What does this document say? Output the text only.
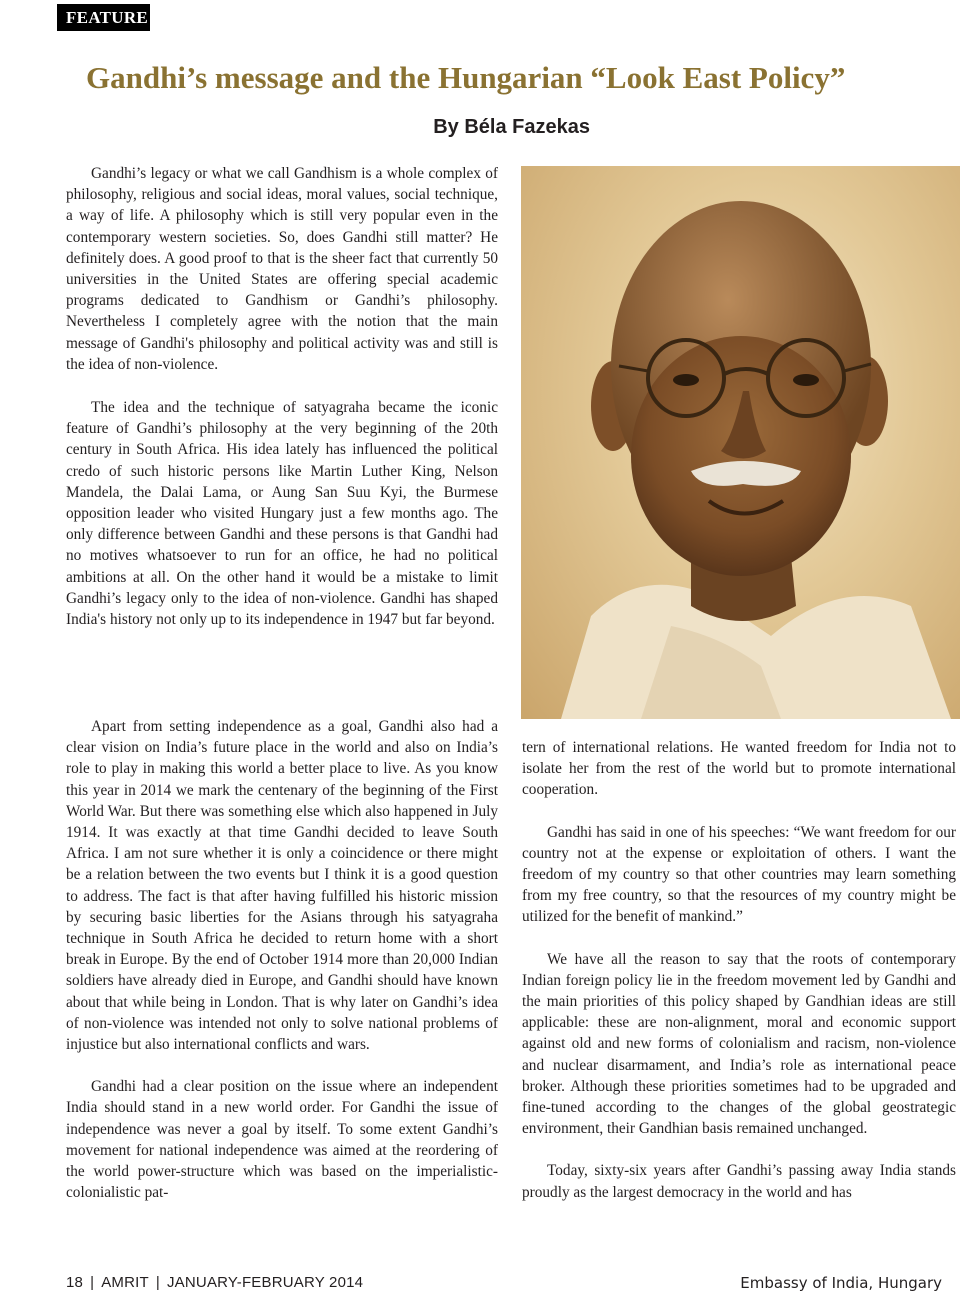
FEATURE
Gandhi’s message and the Hungarian “Look East Policy”
By Béla Fazekas

Gandhi’s legacy or what we call Gandhism is a whole complex of philosophy, religious and social ideas, moral values, social technique, a way of life. A philosophy which is still very popular even in the contemporary western societies. So, does Gandhi still matter? He definitely does. A good proof to that is the sheer fact that currently 50 universities in the United States are offering special academic programs dedicated to Gandhism or Gandhi’s philosophy. Nevertheless I completely agree with the notion that the main message of Gandhi's philosophy and political activity was and still is the idea of non-violence.

The idea and the technique of satyagraha became the iconic feature of Gandhi’s philosophy at the very beginning of the 20th century in South Africa. His idea lately has influenced the political credo of such historic persons like Martin Luther King, Nelson Mandela, the Dalai Lama, or Aung San Suu Kyi, the Burmese opposition leader who visited Hungary just a few months ago. The only difference between Gandhi and these persons is that Gandhi had no motives whatsoever to run for an office, he had no political ambitions at all. On the other hand it would be a mistake to limit Gandhi’s legacy only to the idea of non-violence. Gandhi has shaped India's history not only up to its independence in 1947 but far beyond.

Apart from setting independence as a goal, Gandhi also had a clear vision on India’s future place in the world and also on India’s role to play in making this world a better place to live. As you know this year in 2014 we mark the centenary of the beginning of the First World War. But there was something else which also happened in July 1914. It was exactly at that time Gandhi decided to leave South Africa. I am not sure whether it is only a coincidence or there might be a relation between the two events but I think it is a good question to address. The fact is that after having fulfilled his historic mission by securing basic liberties for the Asians through his satyagraha technique in South Africa he decided to return home with a short break in Europe. By the end of October 1914 more than 20,000 Indian soldiers have already died in Europe, and Gandhi should have known about that while being in London. That is why later on Gandhi’s idea of non-violence was intended not only to solve national problems of injustice but also international conflicts and wars.

Gandhi had a clear position on the issue where an independent India should stand in a new world order. For Gandhi the issue of independence was never a goal by itself. To some extent Gandhi’s movement for national independence was aimed at the reordering of the world power-structure which was based on the imperialistic-colonialistic pat-

tern of international relations. He wanted freedom for India not to isolate her from the rest of the world but to promote international cooperation.

Gandhi has said in one of his speeches: “We want freedom for our country not at the expense or exploitation of others. I want the freedom of my country so that other countries may learn something from my free country, so that the resources of my country might be utilized for the benefit of mankind.”

We have all the reason to say that the roots of contemporary Indian foreign policy lie in the freedom movement led by Gandhi and the main priorities of this policy shaped by Gandhian ideas are still applicable: these are non-alignment, moral and economic support against old and new forms of colonialism and racism, non-violence and nuclear disarmament, and India’s role as international peace broker. Although these priorities sometimes had to be upgraded and fine-tuned according to the changes of the global geostrategic environment, their Gandhian basis remained unchanged.

Today, sixty-six years after Gandhi’s passing away India stands proudly as the largest democracy in the world and has

18 | AMRIT | JANUARY-FEBRUARY 2014	Embassy of India, Hungary
